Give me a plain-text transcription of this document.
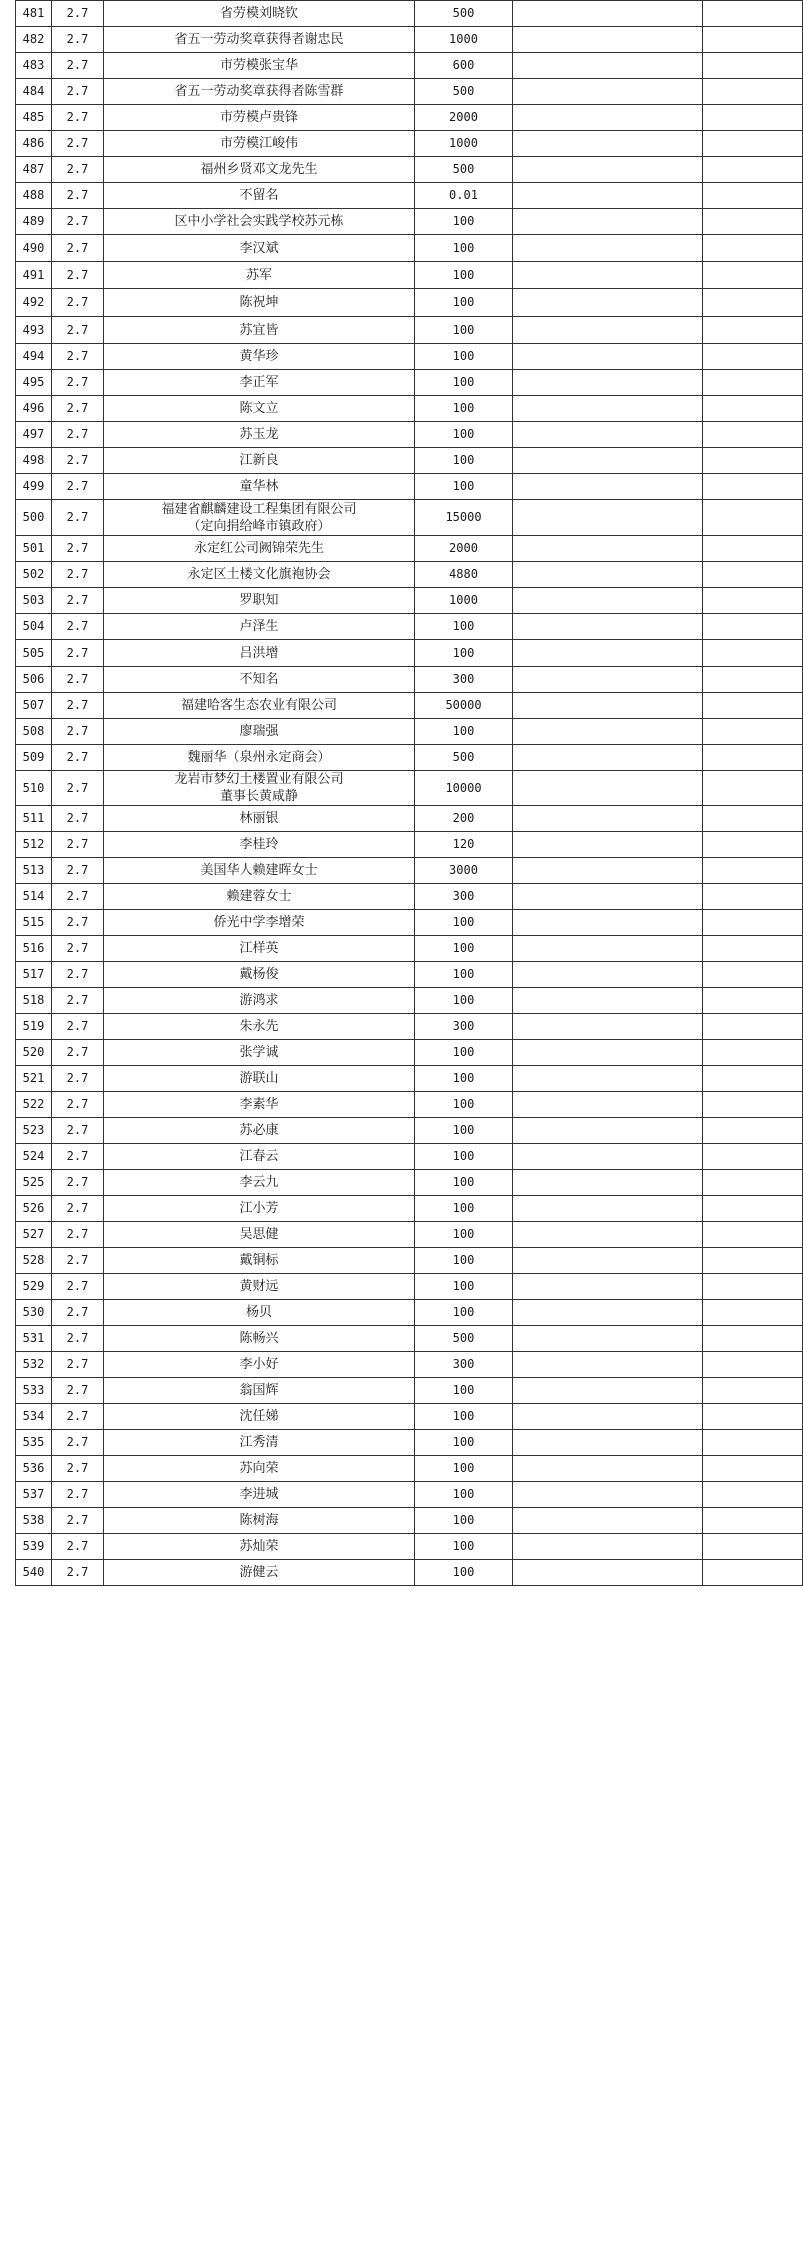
481	2.7	省劳模刘晓钦	500		
482	2.7	省五一劳动奖章获得者谢忠民	1000		
483	2.7	市劳模张宝华	600		
484	2.7	省五一劳动奖章获得者陈雪群	500		
485	2.7	市劳模卢贵锋	2000		
486	2.7	市劳模江峻伟	1000		
487	2.7	福州乡贤邓文龙先生	500		
488	2.7	不留名	0.01		
489	2.7	区中小学社会实践学校苏元栋	100		
490	2.7	李汉斌	100		
491	2.7	苏军	100		
492	2.7	陈祝坤	100		
493	2.7	苏宜皆	100		
494	2.7	黄华珍	100		
495	2.7	李正军	100		
496	2.7	陈文立	100		
497	2.7	苏玉龙	100		
498	2.7	江新良	100		
499	2.7	童华林	100		
500	2.7	福建省麒麟建设工程集团有限公司
（定向捐给峰市镇政府）	15000		
501	2.7	永定红公司阙锦荣先生	2000		
502	2.7	永定区土楼文化旗袍协会	4880		
503	2.7	罗职知	1000		
504	2.7	卢泽生	100		
505	2.7	吕洪增	100		
506	2.7	不知名	300		
507	2.7	福建哈客生态农业有限公司	50000		
508	2.7	廖瑞强	100		
509	2.7	魏丽华（泉州永定商会）	500		
510	2.7	龙岩市梦幻土楼置业有限公司
董事长黄咸静	10000		
511	2.7	林丽银	200		
512	2.7	李桂玲	120		
513	2.7	美国华人赖建晖女士	3000		
514	2.7	赖建蓉女士	300		
515	2.7	侨光中学李增荣	100		
516	2.7	江样英	100		
517	2.7	戴杨俊	100		
518	2.7	游鸿求	100		
519	2.7	朱永先	300		
520	2.7	张学诚	100		
521	2.7	游联山	100		
522	2.7	李素华	100		
523	2.7	苏必康	100		
524	2.7	江春云	100		
525	2.7	李云九	100		
526	2.7	江小芳	100		
527	2.7	吴思健	100		
528	2.7	戴铜标	100		
529	2.7	黄财远	100		
530	2.7	杨贝	100		
531	2.7	陈畅兴	500		
532	2.7	李小好	300		
533	2.7	翁国辉	100		
534	2.7	沈任娣	100		
535	2.7	江秀清	100		
536	2.7	苏向荣	100		
537	2.7	李进城	100		
538	2.7	陈树海	100		
539	2.7	苏灿荣	100		
540	2.7	游健云	100		
